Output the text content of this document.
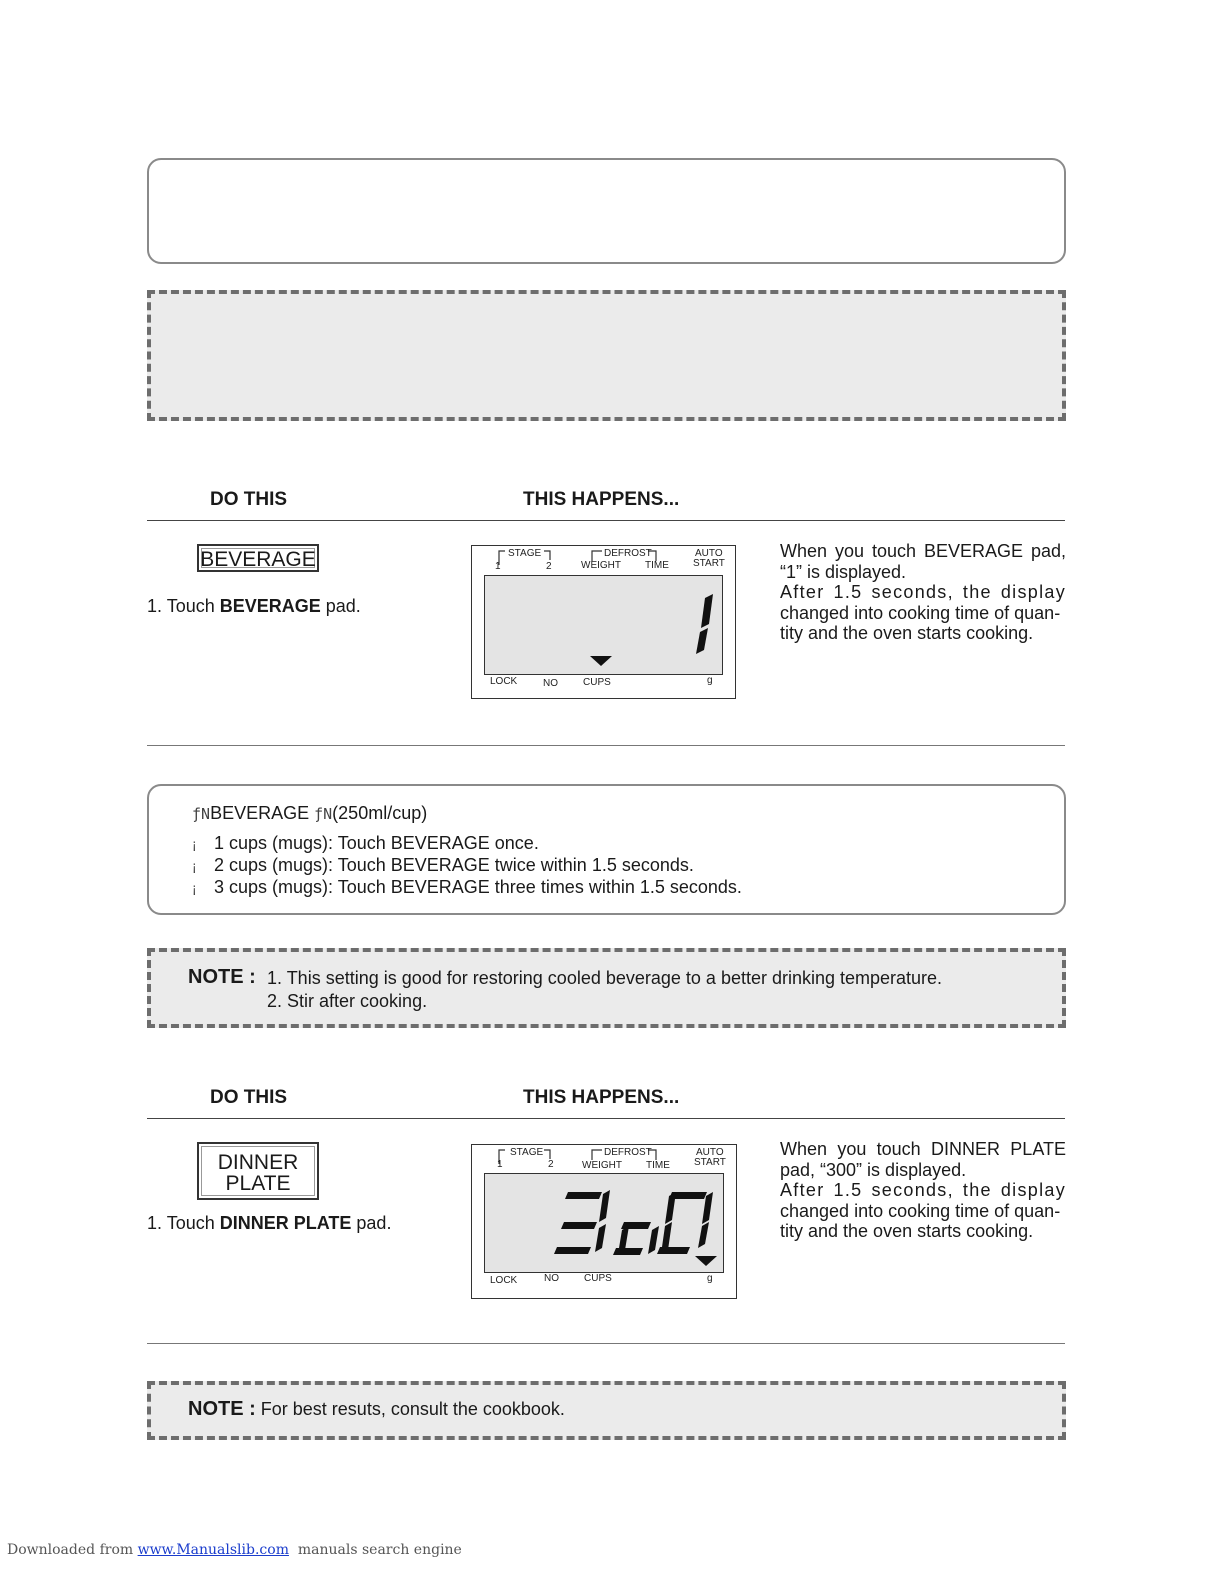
DO THIS	THIS HAPPENS...
BEVERAGE
1. Touch BEVERAGE pad.
STAGE
1	2
DEFROST
WEIGHT TIME
AUTO
START
LOCK	NO	CUPS	g
When you touch BEVERAGE pad,
“1” is displayed.
After 1.5 seconds, the display
changed into cooking time of quan-
tity and the oven starts cooking.
ƒNBEVERAGE ƒN(250ml/cup)
¡ 1 cups (mugs): Touch BEVERAGE once.
¡ 2 cups (mugs): Touch BEVERAGE twice within 1.5 seconds.
¡ 3 cups (mugs): Touch BEVERAGE three times within 1.5 seconds.
NOTE : 1. This setting is good for restoring cooled beverage to a better drinking temperature.
2. Stir after cooking.
DO THIS	THIS HAPPENS...
DINNER
PLATE
1. Touch DINNER PLATE pad.
STAGE
1	2
DEFROST
WEIGHT TIME
AUTO
START
LOCK	NO	CUPS	g
When you touch DINNER PLATE
pad, “300” is displayed.
After 1.5 seconds, the display
changed into cooking time of quan-
tity and the oven starts cooking.
NOTE : For best resuts, consult the cookbook.
Downloaded from www.Manualslib.com  manuals search engine
